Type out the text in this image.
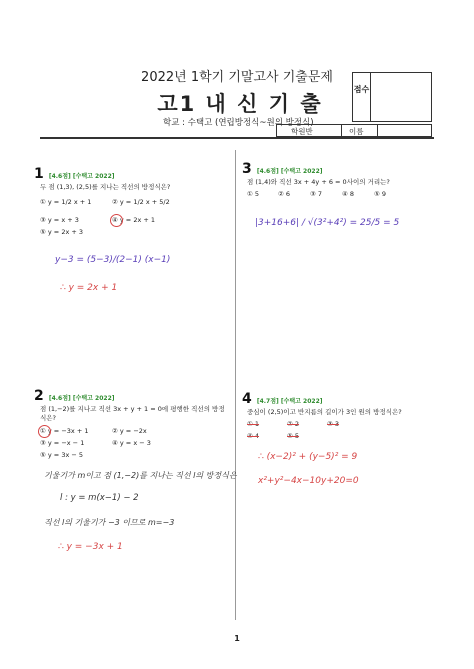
2022년 1학기 기말고사 기출문제
고1 내 신 기 출
학교 : 수택고 (연립방정식~원의 방정식)
점수
학원반	이름
1 [4.6점] [수택고 2022]
두 점 (1,3), (2,5)를 지나는 직선의 방정식은?
① y = 1/2 x + 1	② y = 1/2 x + 5/2
③ y = x + 3	④ y = 2x + 1
⑤ y = 2x + 3
y−3 = (5−3)/(2−1) (x−1)
∴ y = 2x + 1
3 [4.6점] [수택고 2022]
점 (1,4)와 직선 3x + 4y + 6 = 0사이의 거리는?
① 5	② 6	③ 7	④ 8	⑤ 9
|3+16+6| / √(3²+4²) = 25/5 = 5
2 [4.6점] [수택고 2022]
점 (1,−2)를 지나고 직선 3x + y + 1 = 0에 평행한 직선의 방정식은?
① y = −3x + 1	② y = −2x
③ y = −x − 1	④ y = x − 3
⑤ y = 3x − 5
기울기가 m이고 점 (1,−2)를 지나는 직선 l의 방정식은
l : y = m(x−1) − 2
직선 l의 기울기가 −3 이므로 m=−3
∴ y = −3x + 1
4 [4.7점] [수택고 2022]
중심이 (2,5)이고 반지름의 길이가 3인 원의 방정식은?
① 1	② 2	③ 3
④ 4	⑤ 5
∴ (x−2)² + (y−5)² = 9
x²+y²−4x−10y+20=0
1
